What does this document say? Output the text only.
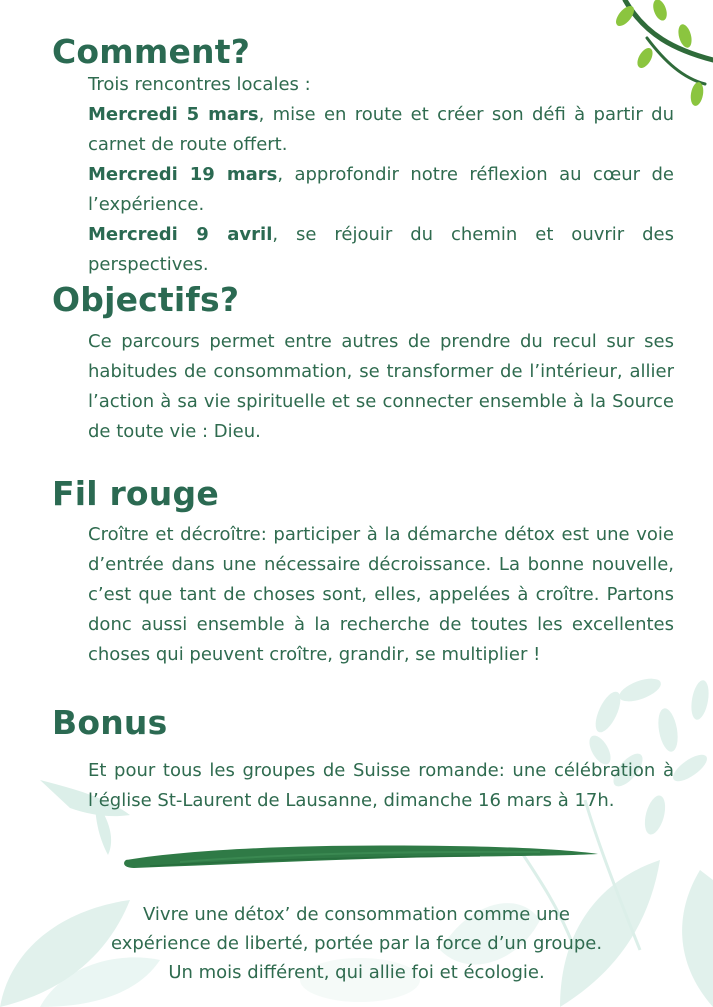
Comment?

Trois rencontres locales :

Mercredi 5 mars, mise en route et créer son défi à partir du carnet de route offert.

Mercredi 19 mars, approfondir notre réflexion au cœur de l’expérience.

Mercredi 9 avril, se réjouir du chemin et ouvrir des perspectives.

Objectifs?

Ce parcours permet entre autres de prendre du recul sur ses habitudes de consommation, se transformer de l’intérieur, allier l’action à sa vie spirituelle et se connecter ensemble à la Source de toute vie : Dieu.

Fil rouge

Croître et décroître: participer à la démarche détox est une voie d’entrée dans une nécessaire décroissance. La bonne nouvelle, c’est que tant de choses sont, elles, appelées à croître. Partons donc aussi ensemble à la recherche de toutes les excellentes choses qui peuvent croître, grandir, se multiplier !

Bonus

Et pour tous les groupes de Suisse romande: une célébration à l’église St-Laurent de Lausanne, dimanche 16 mars à 17h.

Vivre une détox’ de consommation comme une

expérience de liberté, portée par la force d’un groupe.

Un mois différent, qui allie foi et écologie.
